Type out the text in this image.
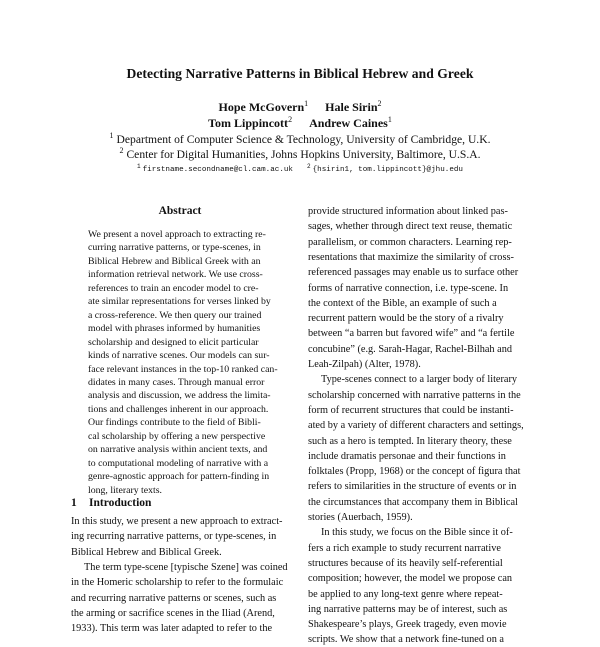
Detecting Narrative Patterns in Biblical Hebrew and Greek
Hope McGovern$^1$ Hale Sirin$^2$
Tom Lippincott$^2$ Andrew Caines$^1$
$^1$ Department of Computer Science & Technology, University of Cambridge, U.K.
$^2$ Center for Digital Humanities, Johns Hopkins University, Baltimore, U.S.A.
$^1$ firstname.secondname@cl.cam.ac.uk $^2$ {hsirin1, tom.lippincott}@jhu.edu
Abstract
We present a novel approach to extracting re-
curring narrative patterns, or type-scenes, in
Biblical Hebrew and Biblical Greek with an
information retrieval network. We use cross-
references to train an encoder model to cre-
ate similar representations for verses linked by
a cross-reference. We then query our trained
model with phrases informed by humanities
scholarship and designed to elicit particular
kinds of narrative scenes. Our models can sur-
face relevant instances in the top-10 ranked can-
didates in many cases. Through manual error
analysis and discussion, we address the limita-
tions and challenges inherent in our approach.
Our findings contribute to the field of Bibli-
cal scholarship by offering a new perspective
on narrative analysis within ancient texts, and
to computational modeling of narrative with a
genre-agnostic approach for pattern-finding in
long, literary texts.
1 Introduction
In this study, we present a new approach to extract-
ing recurring narrative patterns, or type-scenes, in
Biblical Hebrew and Biblical Greek.
The term type-scene [typische Szene] was coined
in the Homeric scholarship to refer to the formulaic
and recurring narrative patterns or scenes, such as
the arming or sacrifice scenes in the Iliad (Arend,
1933). This term was later adapted to refer to the
provide structured information about linked pas-
sages, whether through direct text reuse, thematic
parallelism, or common characters. Learning rep-
resentations that maximize the similarity of cross-
referenced passages may enable us to surface other
forms of narrative connection, i.e. type-scene. In
the context of the Bible, an example of such a
recurrent pattern would be the story of a rivalry
between “a barren but favored wife” and “a fertile
concubine” (e.g. Sarah-Hagar, Rachel-Bilhah and
Leah-Zilpah) (Alter, 1978).
Type-scenes connect to a larger body of literary
scholarship concerned with narrative patterns in the
form of recurrent structures that could be instanti-
ated by a variety of different characters and settings,
such as a hero is tempted. In literary theory, these
include dramatis personae and their functions in
folktales (Propp, 1968) or the concept of figura that
refers to similarities in the structure of events or in
the circumstances that accompany them in Biblical
stories (Auerbach, 1959).
In this study, we focus on the Bible since it of-
fers a rich example to study recurrent narrative
structures because of its heavily self-referential
composition; however, the model we propose can
be applied to any long-text genre where repeat-
ing narrative patterns may be of interest, such as
Shakespeare’s plays, Greek tragedy, even movie
scripts. We show that a network fine-tuned on a
